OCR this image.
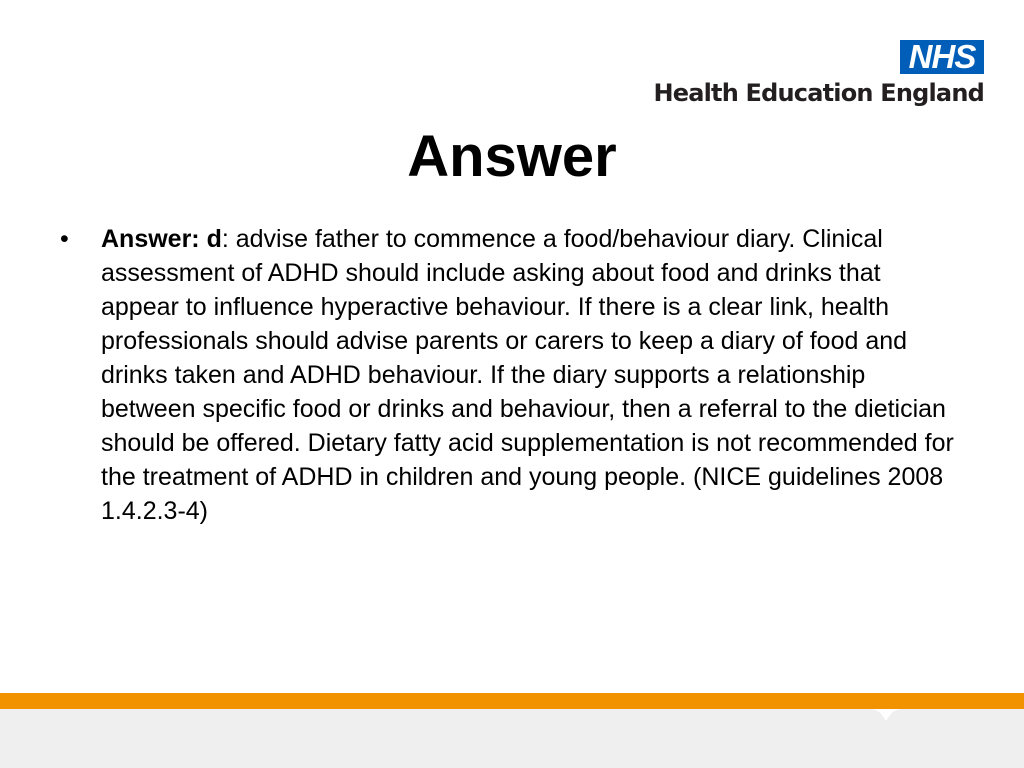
NHS
Health Education England
Answer
• Answer: d: advise father to commence a food/behaviour diary. Clinical assessment of ADHD should include asking about food and drinks that appear to influence hyperactive behaviour. If there is a clear link, health professionals should advise parents or carers to keep a diary of food and drinks taken and ADHD behaviour. If the diary supports a relationship between specific food or drinks and behaviour, then a referral to the dietician should be offered. Dietary fatty acid supplementation is not recommended for the treatment of ADHD in children and young people. (NICE guidelines 2008 1.4.2.3-4)
